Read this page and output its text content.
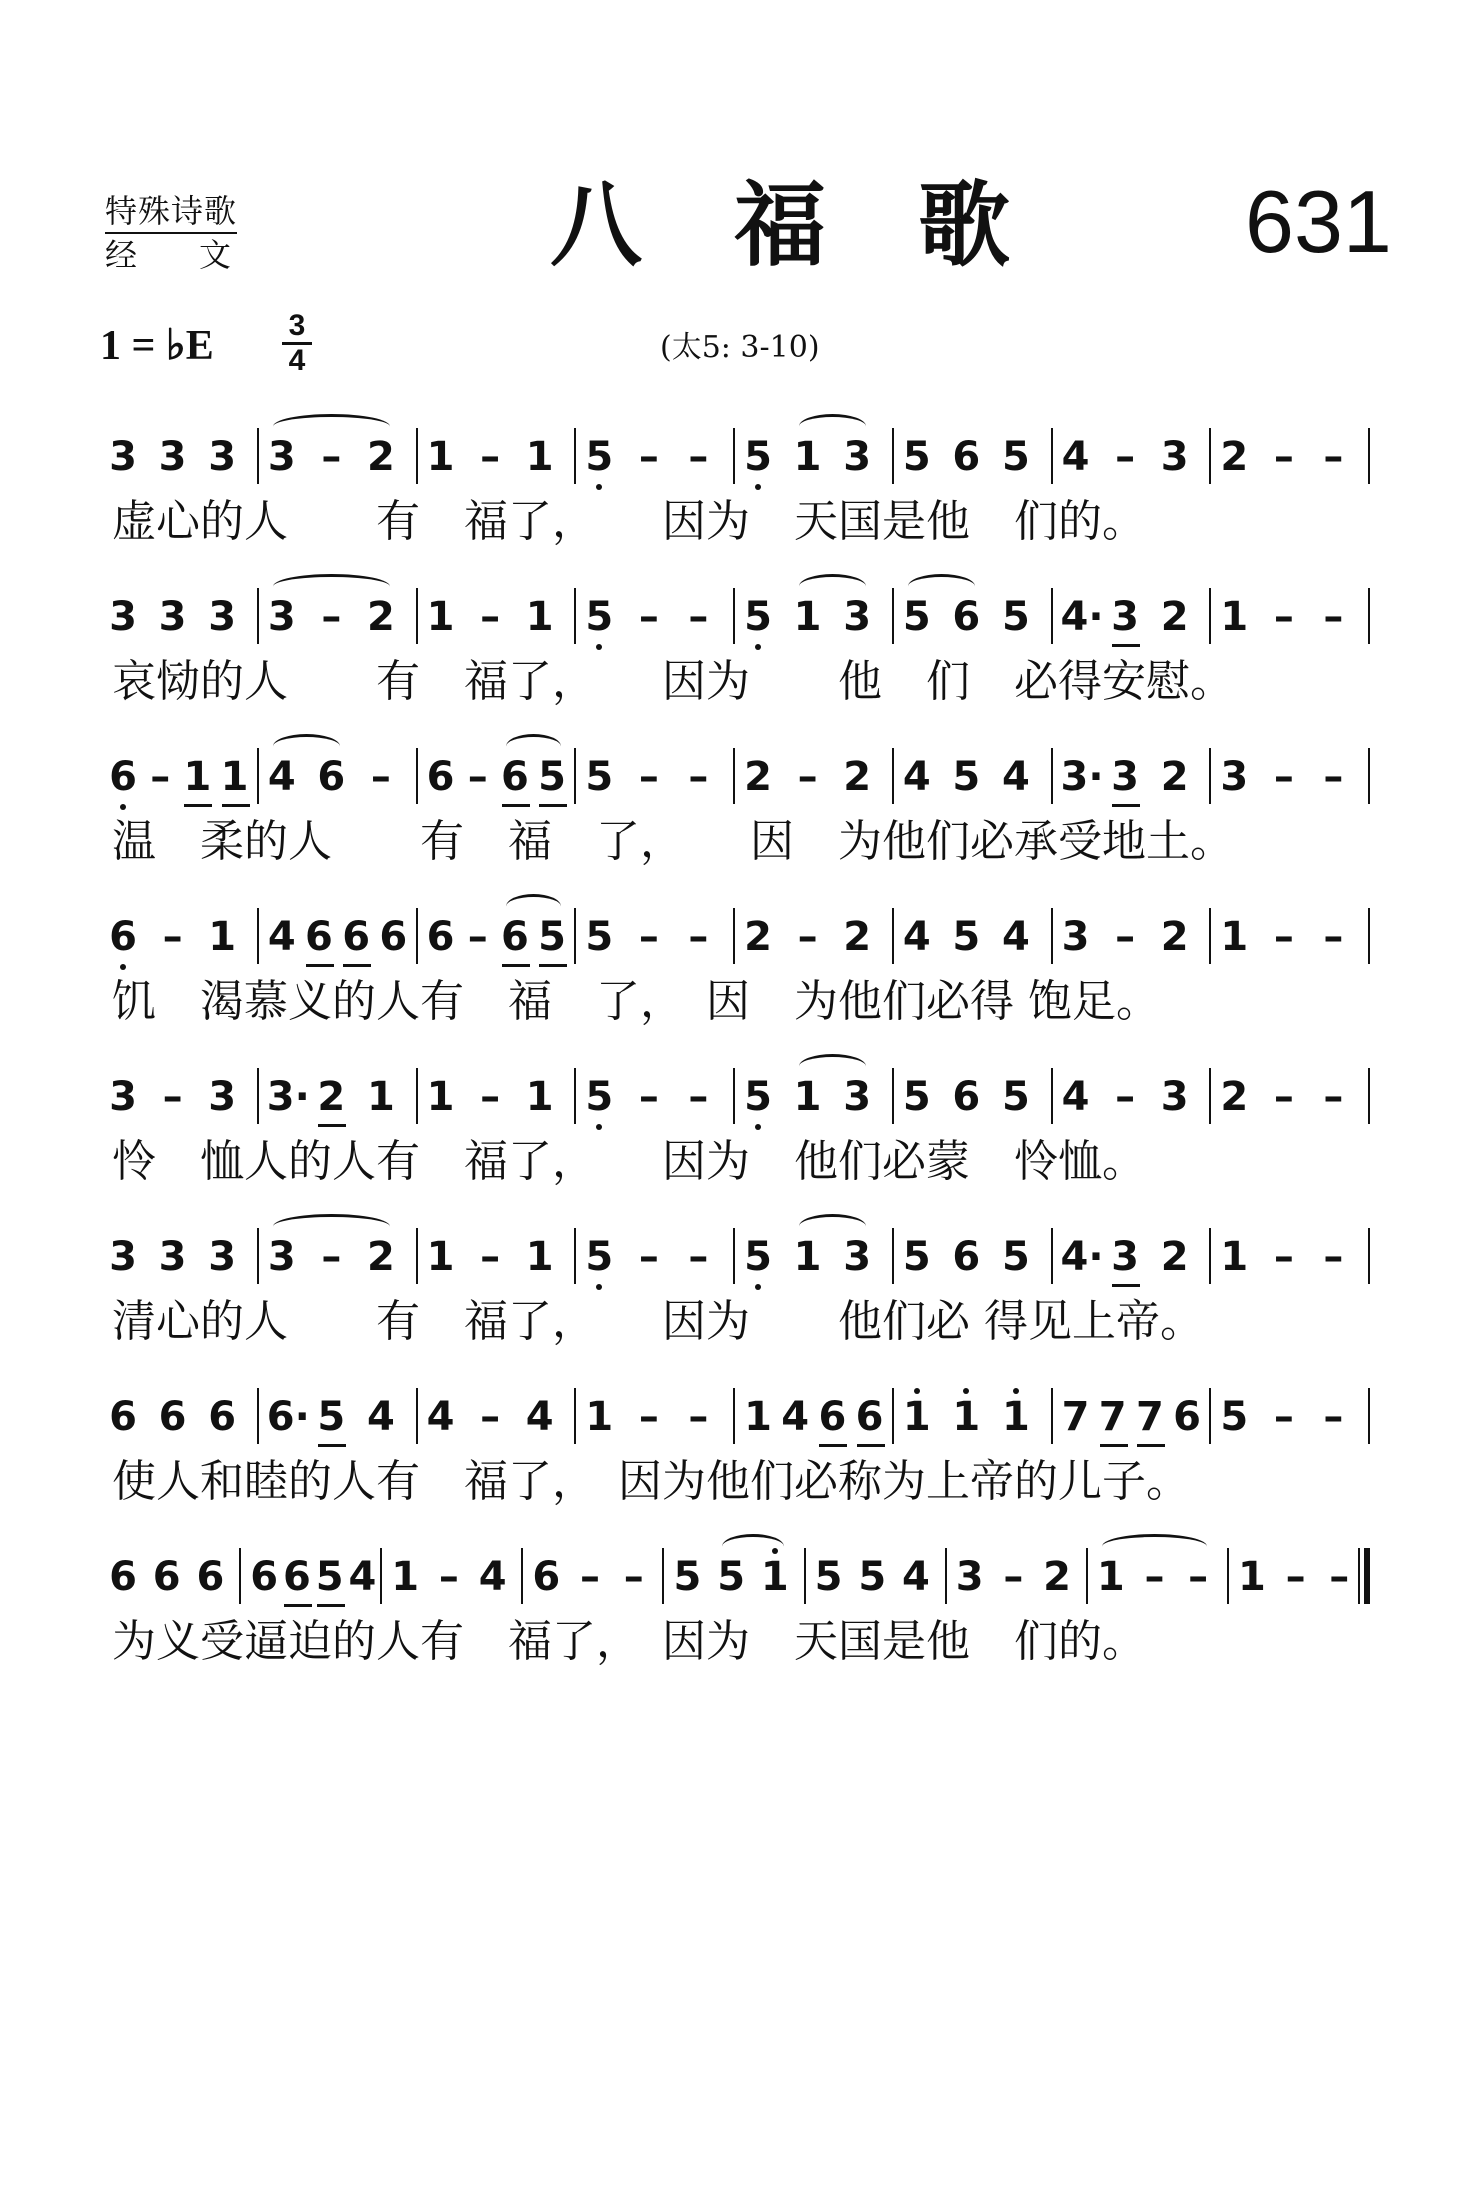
特殊诗歌

经文	八福歌 631
1 = ♭E 3
4	(太5: 3-10)
3 3 3 3 – 2 1 – 1 5 – – 5 1 3 5 6 5 4 – 3 2 – –
虚心的人　　有　福了，　　因为　天国是他　们的。
3 3 3 3 – 2 1 – 1 5 – – 5 1 3 5 6 5 4· 3 2 1 – –
哀恸的人　　有　福了，　　因为　　他　们　必得安慰。
6 – 1 1 4 6 – 6 – 6 5 5 – – 2 – 2 4 5 4 3· 3 2 3 – –
温　柔的人　　有　福　了，　　因　为他们必承受地土。
6 – 1 4 6 6 6 6 – 6 5 5 – – 2 – 2 4 5 4 3 – 2 1 – –
饥　渴慕义的人有　福　了，　因　为他们必得 饱足。
3 – 3 3· 2 1 1 – 1 5 – – 5 1 3 5 6 5 4 – 3 2 – –
怜　恤人的人有　福了，　　因为　他们必蒙　怜恤。
3 3 3 3 – 2 1 – 1 5 – – 5 1 3 5 6 5 4· 3 2 1 – –
清心的人　　有　福了，　　因为　　他们必 得见上帝。
6 6 6 6· 5 4 4 – 4 1 – – 1 4 6 6 1 1 1 7 7 7 6 5 – –
使人和睦的人有　福了，　因为他们必称为上帝的儿子。
6 6 6 6 6 5 4 1 – 4 6 – – 5 5 1 5 5 4 3 – 2 1 – – 1 – –
为义受逼迫的人有　福了，　因为　天国是他　们的。
